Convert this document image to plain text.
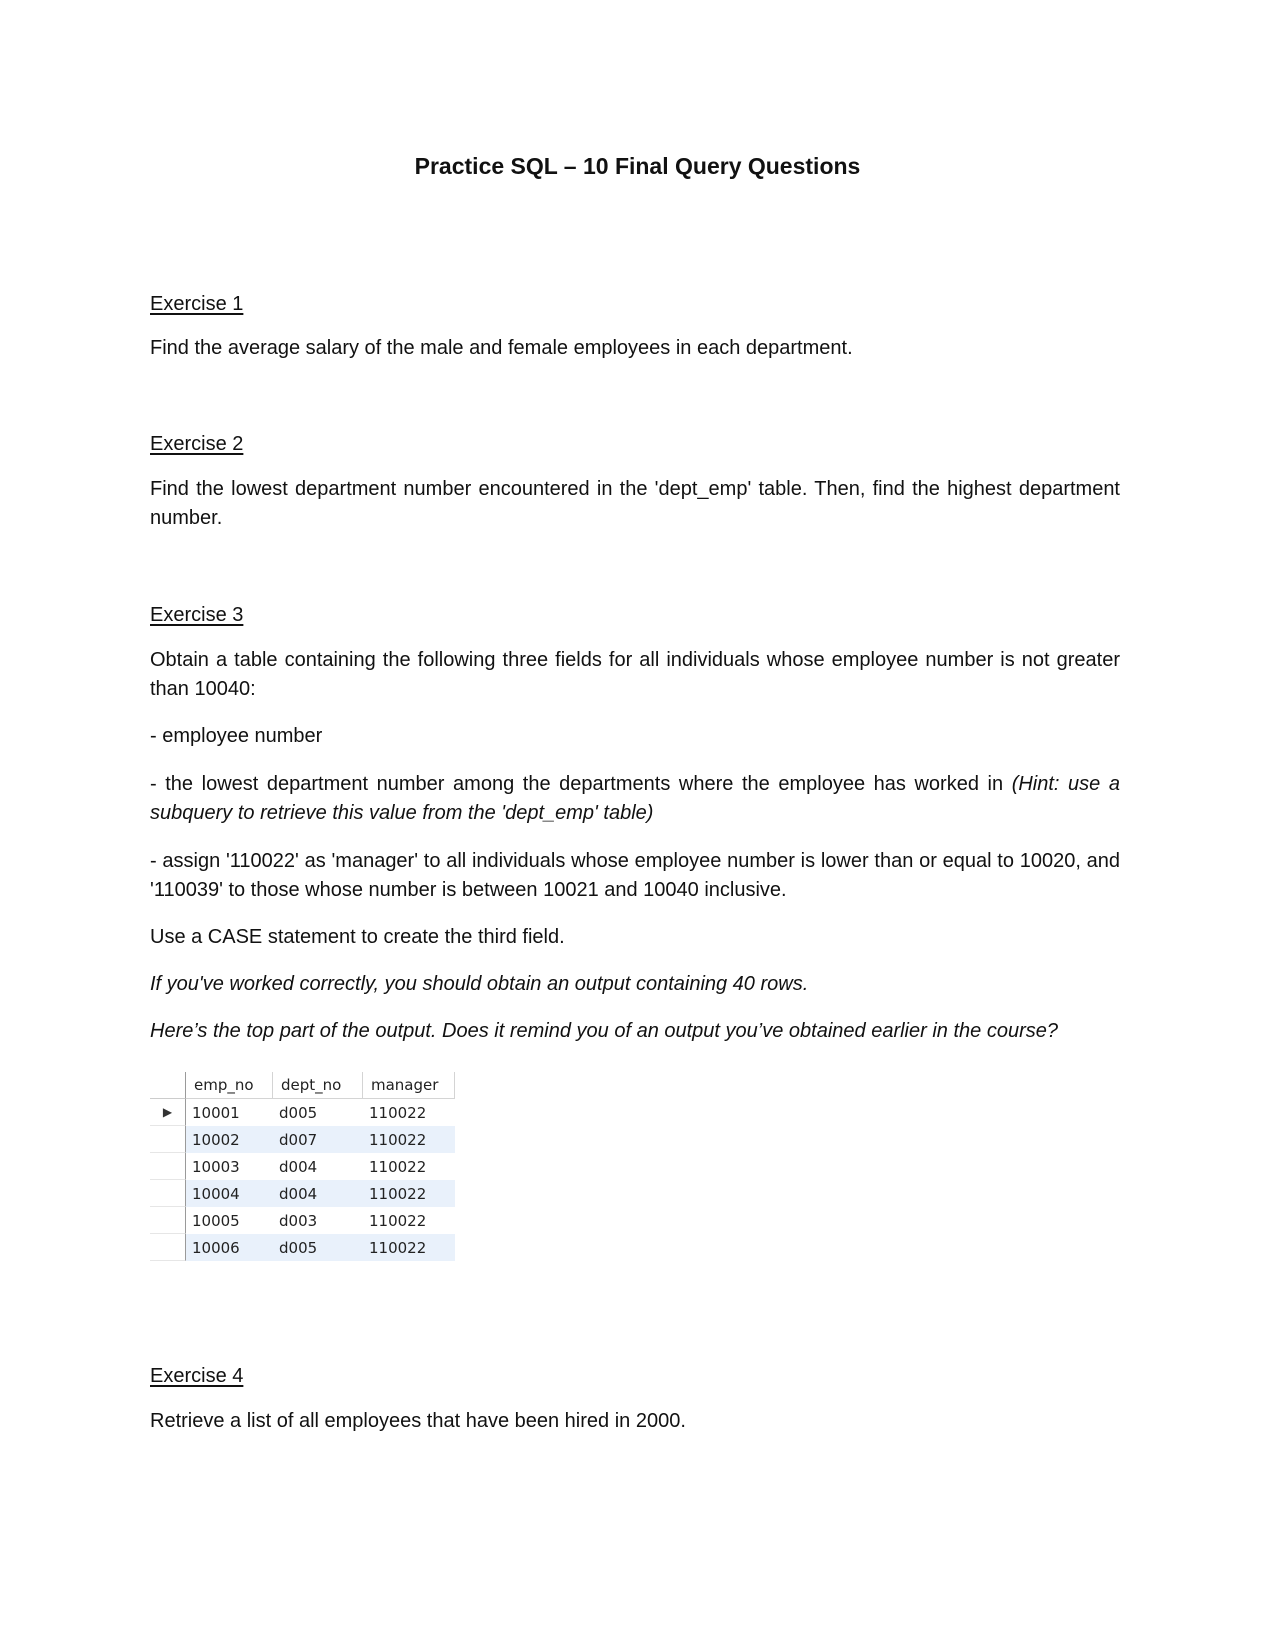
Practice SQL – 10 Final Query Questions
Exercise 1

Find the average salary of the male and female employees in each department.

Exercise 2

Find the lowest department number encountered in the 'dept_emp' table. Then, find the highest department number.

Exercise 3

Obtain a table containing the following three fields for all individuals whose employee number is not greater than 10040:

- employee number

- the lowest department number among the departments where the employee has worked in (Hint: use a subquery to retrieve this value from the 'dept_emp' table)

- assign '110022' as 'manager' to all individuals whose employee number is lower than or equal to 10020, and '110039' to those whose number is between 10021 and 10040 inclusive.

Use a CASE statement to create the third field.

If you've worked correctly, you should obtain an output containing 40 rows.

Here’s the top part of the output. Does it remind you of an output you’ve obtained earlier in the course?

emp_no	dept_no	manager
▶	10001	d005	110022
10002	d007	110022
10003	d004	110022
10004	d004	110022
10005	d003	110022
10006	d005	110022
Exercise 4

Retrieve a list of all employees that have been hired in 2000.
